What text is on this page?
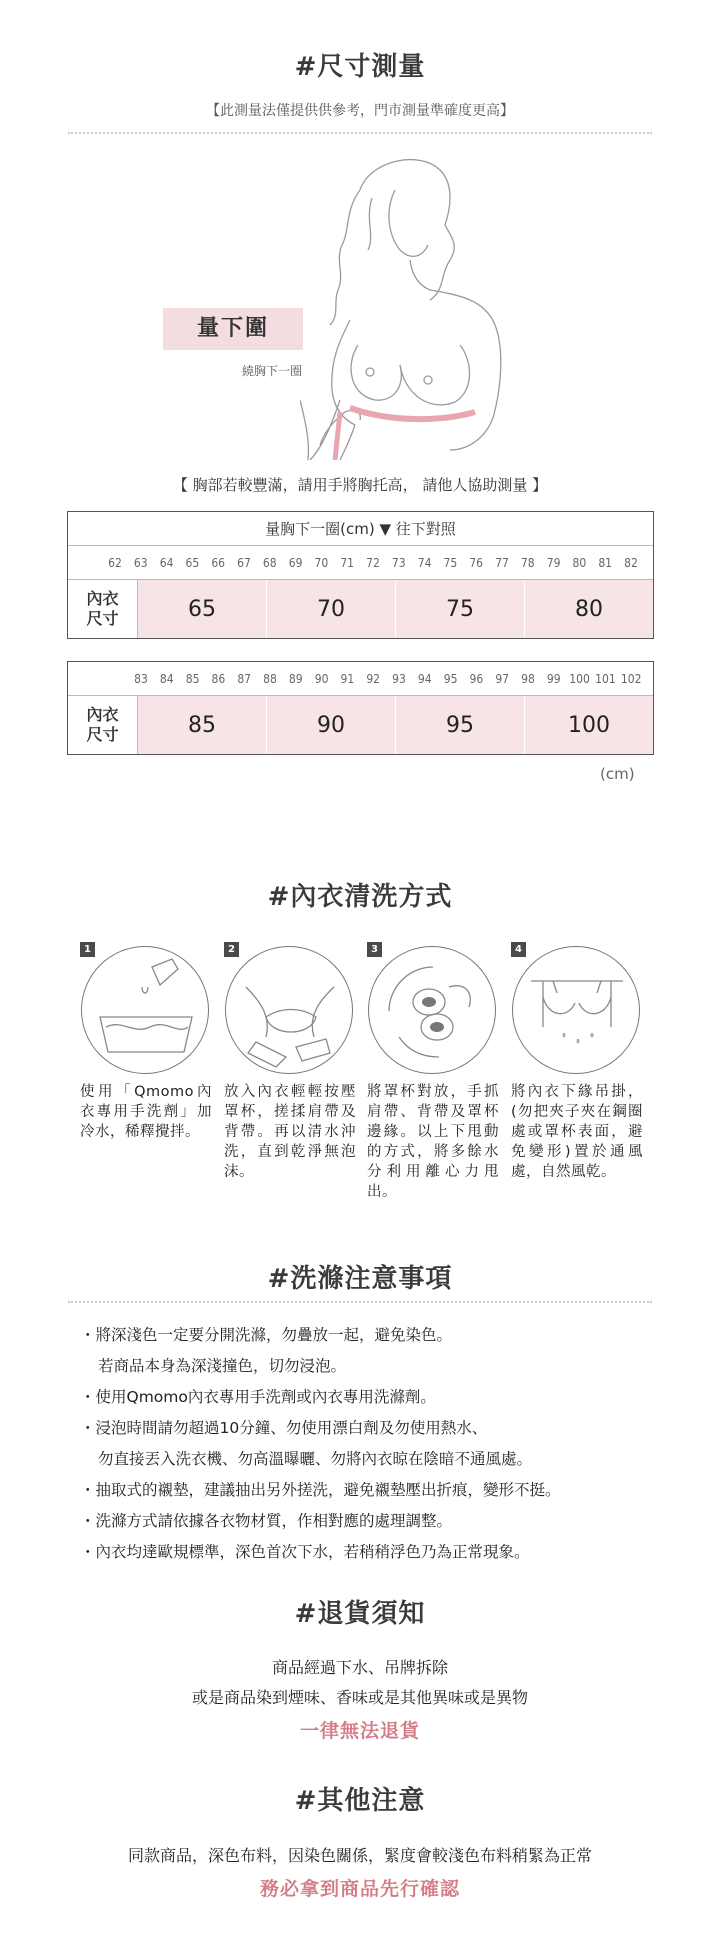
#尺寸測量
【此測量法僅提供供參考，門市測量準確度更高】
量下圍
繞胸下一圈
【 胸部若較豐滿，請用手將胸托高， 請他人協助測量 】
量胸下一圈(cm) ▼ 往下對照
62	63	64	65	66	67	68	69	70	71	72	73	74	75	76	77	78	79	80	81	82
內衣
尺寸	65	70	75	80
83	84	85	86	87	88	89	90	91	92	93	94	95	96	97	98	99 100 101 102
內衣
尺寸	85	90	95	100
(cm)
#內衣清洗方式
1
使用「Qmomo內衣專用手洗劑」加冷水，稀釋攪拌。
2
放入內衣輕輕按壓罩杯，搓揉肩帶及背帶。再以清水沖洗，直到乾淨無泡沫。
3
將罩杯對放，手抓肩帶、背帶及罩杯邊緣。以上下甩動的方式，將多餘水分利用離心力甩出。
4
將內衣下緣吊掛，(勿把夾子夾在鋼圈處或罩杯表面，避免變形)置於通風處，自然風乾。
#洗滌注意事項
・將深淺色一定要分開洗滌，勿疊放一起，避免染色。
若商品本身為深淺撞色，切勿浸泡。
・使用Qmomo內衣專用手洗劑或內衣專用洗滌劑。
・浸泡時間請勿超過10分鐘、勿使用漂白劑及勿使用熱水、
勿直接丟入洗衣機、勿高溫曝曬、勿將內衣晾在陰暗不通風處。
・抽取式的襯墊，建議抽出另外搓洗，避免襯墊壓出折痕，變形不挺。
・洗滌方式請依據各衣物材質，作相對應的處理調整。
・內衣均達歐規標準，深色首次下水，若稍稍浮色乃為正常現象。
#退貨須知
商品經過下水、吊牌拆除
或是商品染到煙味、香味或是其他異味或是異物
一律無法退貨
#其他注意
同款商品，深色布料，因染色關係，緊度會較淺色布料稍緊為正常
務必拿到商品先行確認
